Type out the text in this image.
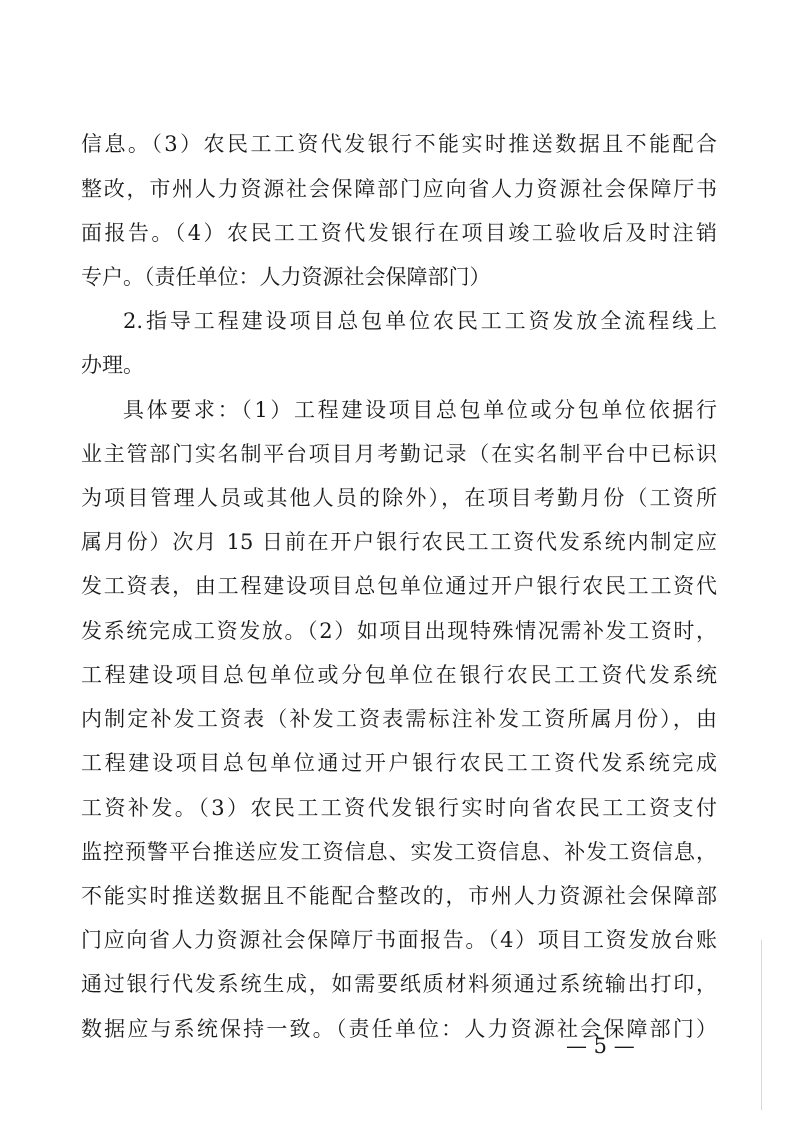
信息。（3）农民工工资代发银行不能实时推送数据且不能配合
整改，市州人力资源社会保障部门应向省人力资源社会保障厅书
面报告。（4）农民工工资代发银行在项目竣工验收后及时注销
专户。（责任单位：人力资源社会保障部门）
2.指导工程建设项目总包单位农民工工资发放全流程线上
办理。
具体要求：（1）工程建设项目总包单位或分包单位依据行
业主管部门实名制平台项目月考勤记录（在实名制平台中已标识
为项目管理人员或其他人员的除外），在项目考勤月份（工资所
属月份）次月 15 日前在开户银行农民工工资代发系统内制定应
发工资表，由工程建设项目总包单位通过开户银行农民工工资代
发系统完成工资发放。（2）如项目出现特殊情况需补发工资时，
工程建设项目总包单位或分包单位在银行农民工工资代发系统
内制定补发工资表（补发工资表需标注补发工资所属月份），由
工程建设项目总包单位通过开户银行农民工工资代发系统完成
工资补发。（3）农民工工资代发银行实时向省农民工工资支付
监控预警平台推送应发工资信息、实发工资信息、补发工资信息，
不能实时推送数据且不能配合整改的，市州人力资源社会保障部
门应向省人力资源社会保障厅书面报告。（4）项目工资发放台账
通过银行代发系统生成，如需要纸质材料须通过系统输出打印，
数据应与系统保持一致。（责任单位：人力资源社会保障部门）
— 5 —
